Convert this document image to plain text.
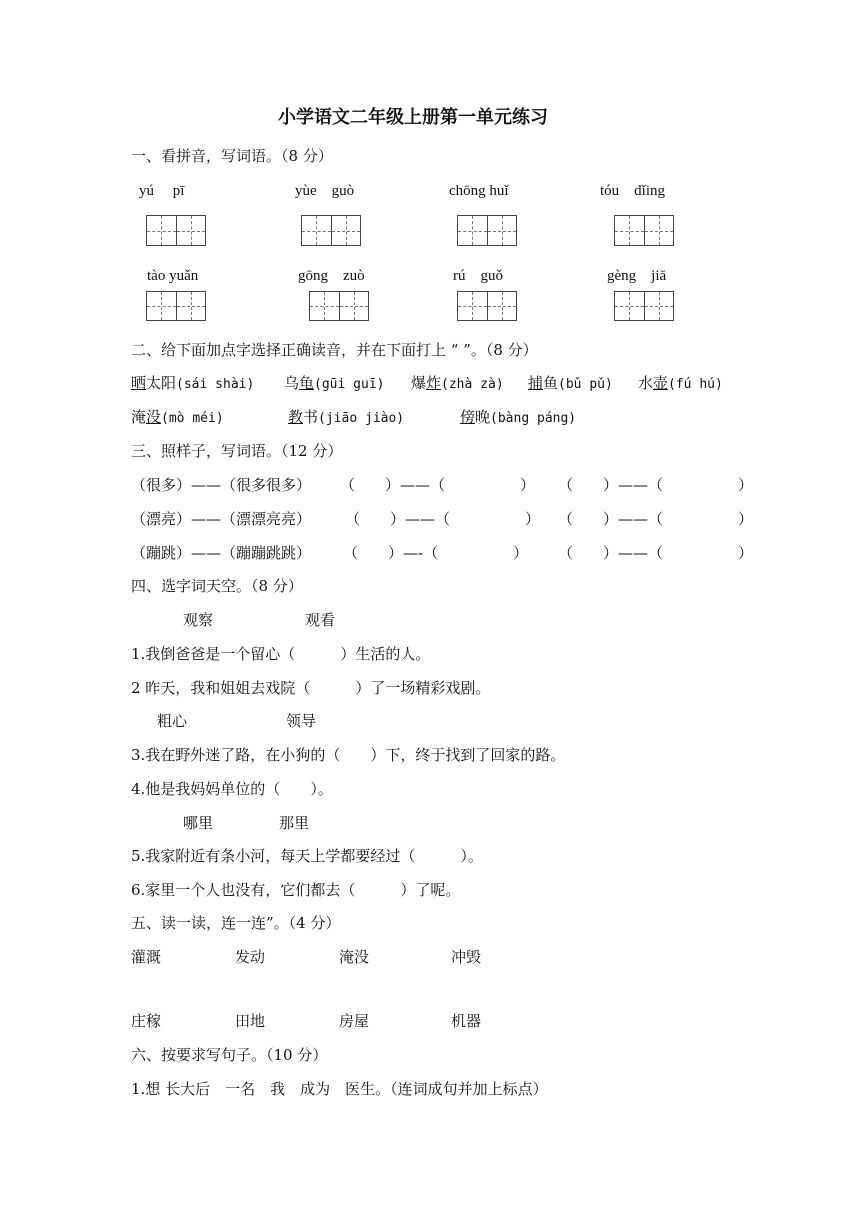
小学语文二年级上册第一单元练习
一、看拼音，写词语。（8 分）
yú　 pī	yùe　guò	chōng huǐ	tóu　dǐing
tào yuǎn	gōng　zuò	rú　guǒ	gèng　jiā
二、给下面加点字选择正确读音，并在下面打上 “ ”。（8 分）
晒太阳(sái shài) 乌龟(gūi guī) 爆炸(zhà zà) 捕鱼(bǔ pǔ) 水壶(fú hú)
淹没(mò méi)	教书(jiāo jiào)	傍晚(bàng páng)
三、照样子，写词语。（12 分）
（很多）——（很多很多） （　　）——（　　　　　） （　　）——（　　　　　）
（漂亮）——（漂漂亮亮） （　　）——（　　　　　） （　　）——（　　　　　）
（蹦跳）——（蹦蹦跳跳） （　　）—-（　　　　　） （　　）——（　　　　　）
四、选字词天空。（8 分）
观察	观看
1.我倒爸爸是一个留心（　　　）生活的人。
2 昨天，我和姐姐去戏院（　　　）了一场精彩戏剧。
粗心	领导
3.我在野外迷了路，在小狗的（　　）下，终于找到了回家的路。
4.他是我妈妈单位的（　　）。
哪里	那里
5.我家附近有条小河，每天上学都要经过（　　　）。
6.家里一个人也没有，它们都去（　　　）了呢。
五、读一读，连一连”。（4 分）
灌溉	发动	淹没	冲毁
庄稼	田地	房屋	机器
六、按要求写句子。（10 分）
1.想 长大后　一名　我　成为　医生。（连词成句并加上标点）
